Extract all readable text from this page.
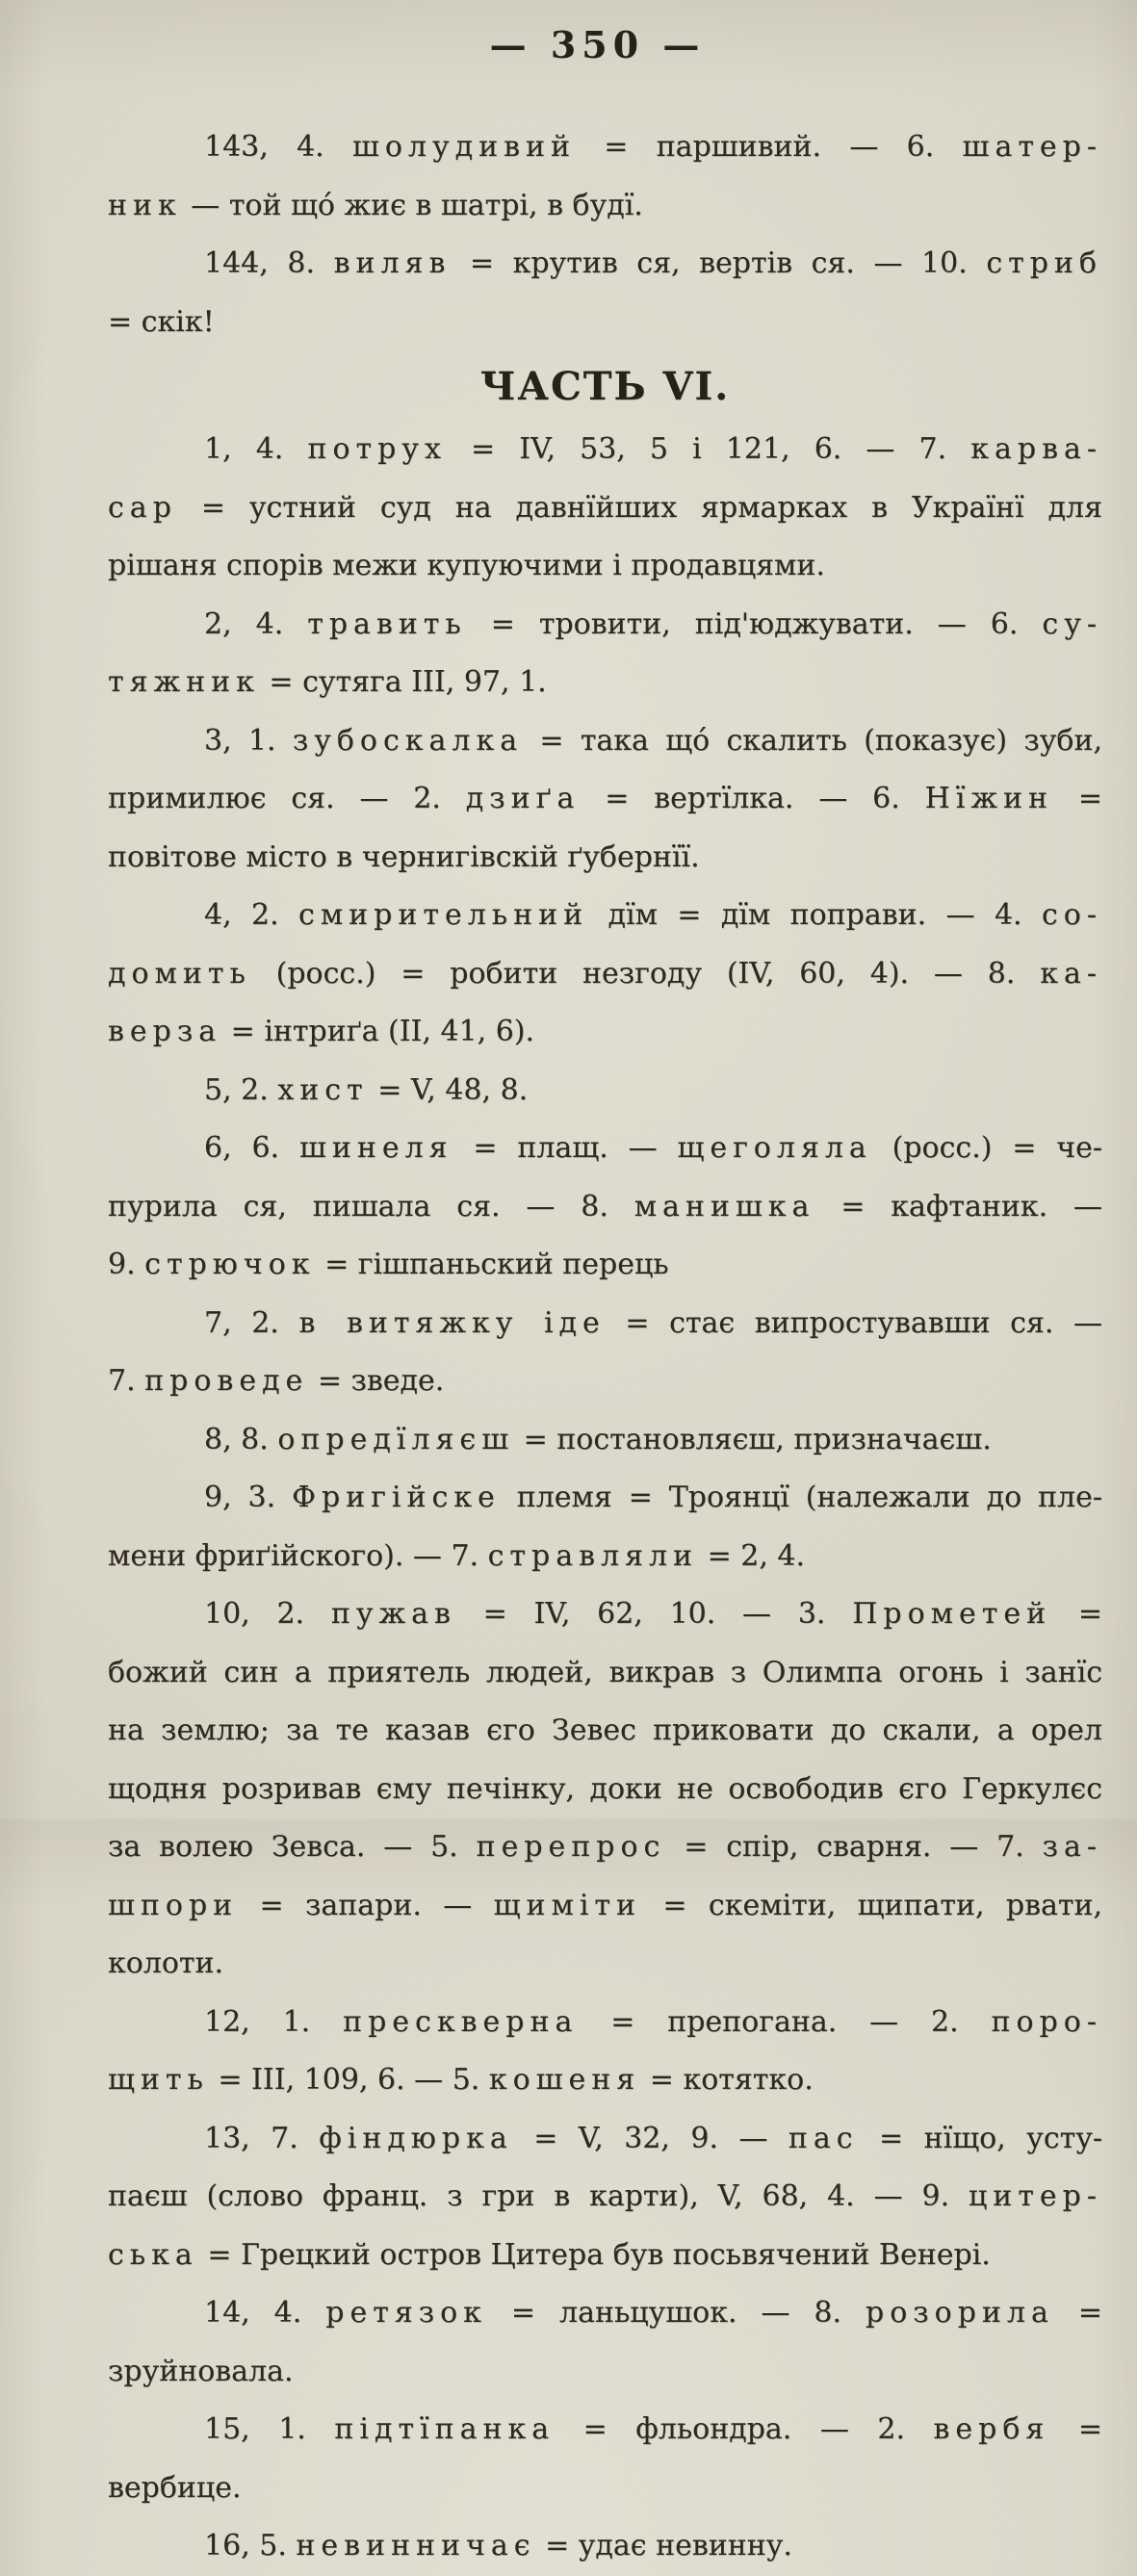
— 350 —
143, 4. шолудивий = паршивий. — 6. шатер-
ник — той щó жиє в шатрі, в будї.
144, 8. виляв = крутив ся, вертів ся. — 10. стриб
= скік!
ЧАСТЬ VI.
1, 4. потрух = IV, 53, 5 і 121, 6. — 7. карва-
сар = устний суд на давнїйших ярмарках в Українї для
рішаня спорів межи купуючими і продавцями.
2, 4. травить = тровити, під'юджувати. — 6. су-
тяжник = сутяга III, 97, 1.
3, 1. зубоскалка = така щó скалить (показує) зуби,
примилює ся. — 2. дзиґа = вертїлка. — 6. Нїжин =
повітове місто в чернигівскій ґубернїї.
4, 2. смирительний дїм = дїм поправи. — 4. со-
домить (росс.) = робити незгоду (IV, 60, 4). — 8. ка-
верза = інтриґа (II, 41, 6).
5, 2. хист = V, 48, 8.
6, 6. шинеля = плащ. — щеголяла (росс.) = че-
пурила ся, пишала ся. — 8. манишка = кафтаник. —
9. стрючок = гішпаньский перець
7, 2. в витяжку іде = стає випростувавши ся. —
7. проведе = зведе.
8, 8. опредїляєш = постановляєш, призначаєш.
9, 3. Фригійске племя = Троянцї (належали до пле-
мени фриґійского). — 7. стравляли = 2, 4.
10, 2. пужав = IV, 62, 10. — 3. Прометей =
божий син а приятель людей, викрав з Олимпа огонь і занїс
на землю; за те казав єго Зевес приковати до скали, а орел
щодня розривав єму печінку, доки не освободив єго Геркулєс
за волею Зевса. — 5. перепрос = спір, сварня. — 7. за-
шпори = запари. — щиміти = скеміти, щипати, рвати,
колоти.
12, 1. прескверна = препогана. — 2. поро-
щить = III, 109, 6. — 5. кошеня = котятко.
13, 7. фіндюрка = V, 32, 9. — пас = нїщо, усту-
паєш (слово франц. з гри в карти), V, 68, 4. — 9. цитер-
ська = Грецкий остров Цитера був посьвячений Венері.
14, 4. ретязок = ланьцушок. — 8. розорила =
зруйновала.
15, 1. підтїпанка = фльондра. — 2. вербя =
вербице.
16, 5. невинничає = удає невинну.
